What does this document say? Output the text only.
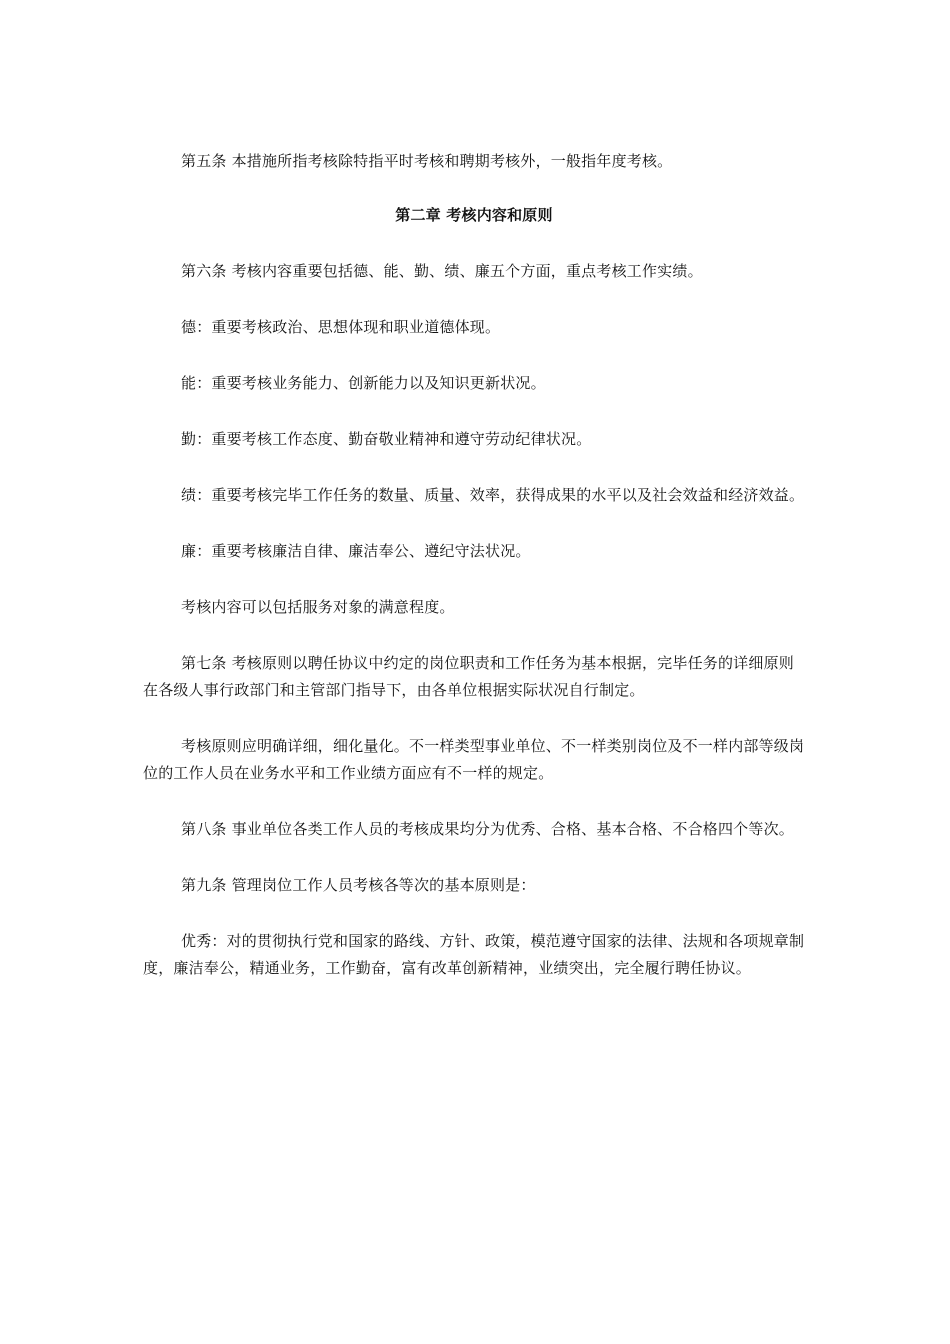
第五条 本措施所指考核除特指平时考核和聘期考核外，一般指年度考核。

第二章 考核内容和原则

第六条 考核内容重要包括德、能、勤、绩、廉五个方面，重点考核工作实绩。

德：重要考核政治、思想体现和职业道德体现。

能：重要考核业务能力、创新能力以及知识更新状况。

勤：重要考核工作态度、勤奋敬业精神和遵守劳动纪律状况。

绩：重要考核完毕工作任务的数量、质量、效率，获得成果的水平以及社会效益和经济效益。

廉：重要考核廉洁自律、廉洁奉公、遵纪守法状况。

考核内容可以包括服务对象的满意程度。

第七条 考核原则以聘任协议中约定的岗位职责和工作任务为基本根据，完毕任务的详细原则在各级人事行政部门和主管部门指导下，由各单位根据实际状况自行制定。

考核原则应明确详细，细化量化。不一样类型事业单位、不一样类别岗位及不一样内部等级岗位的工作人员在业务水平和工作业绩方面应有不一样的规定。

第八条 事业单位各类工作人员的考核成果均分为优秀、合格、基本合格、不合格四个等次。

第九条 管理岗位工作人员考核各等次的基本原则是：

优秀：对的贯彻执行党和国家的路线、方针、政策，模范遵守国家的法律、法规和各项规章制度，廉洁奉公，精通业务，工作勤奋，富有改革创新精神，业绩突出，完全履行聘任协议。
